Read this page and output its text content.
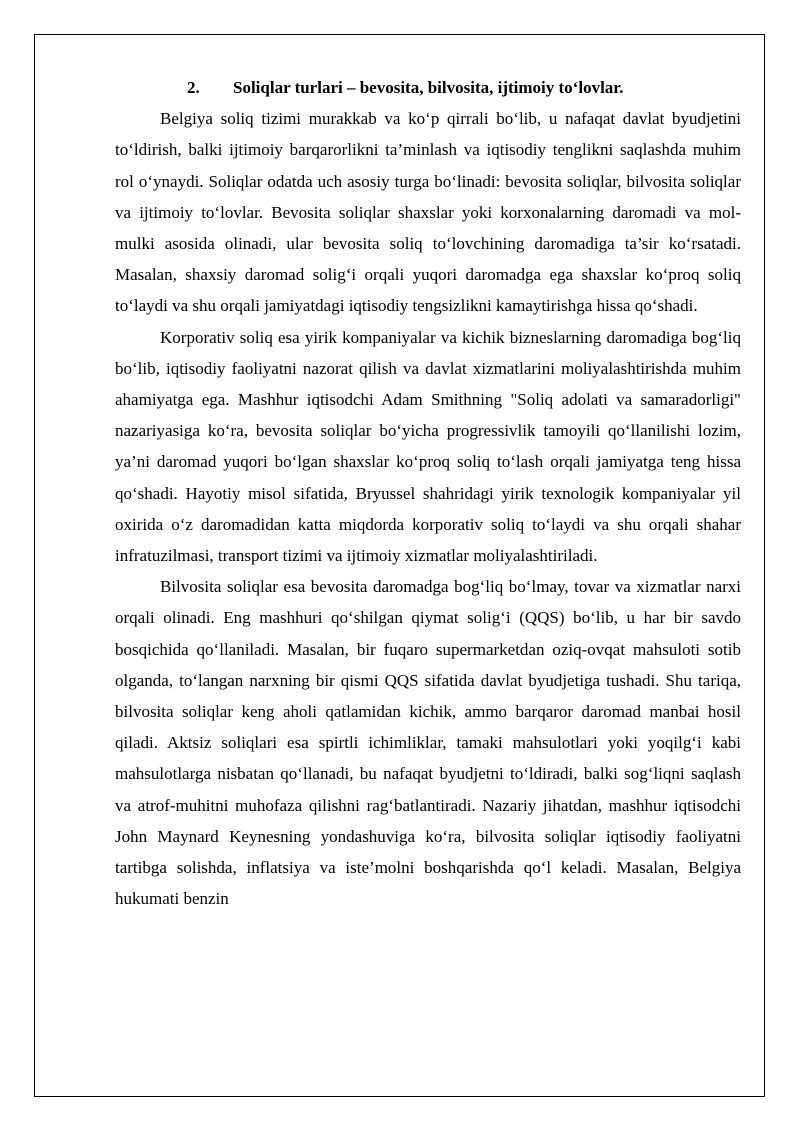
2. Soliqlar turlari – bevosita, bilvosita, ijtimoiy to‘lovlar.

Belgiya soliq tizimi murakkab va ko‘p qirrali bo‘lib, u nafaqat davlat byudjetini to‘ldirish, balki ijtimoiy barqarorlikni ta’minlash va iqtisodiy tenglikni saqlashda muhim rol o‘ynaydi. Soliqlar odatda uch asosiy turga bo‘linadi: bevosita soliqlar, bilvosita soliqlar va ijtimoiy to‘lovlar. Bevosita soliqlar shaxslar yoki korxonalarning daromadi va mol-mulki asosida olinadi, ular bevosita soliq to‘lovchining daromadiga ta’sir ko‘rsatadi. Masalan, shaxsiy daromad solig‘i orqali yuqori daromadga ega shaxslar ko‘proq soliq to‘laydi va shu orqali jamiyatdagi iqtisodiy tengsizlikni kamaytirishga hissa qo‘shadi.

Korporativ soliq esa yirik kompaniyalar va kichik bizneslarning daromadiga bog‘liq bo‘lib, iqtisodiy faoliyatni nazorat qilish va davlat xizmatlarini moliyalashtirishda muhim ahamiyatga ega. Mashhur iqtisodchi Adam Smithning "Soliq adolati va samaradorligi" nazariyasiga ko‘ra, bevosita soliqlar bo‘yicha progressivlik tamoyili qo‘llanilishi lozim, ya’ni daromad yuqori bo‘lgan shaxslar ko‘proq soliq to‘lash orqali jamiyatga teng hissa qo‘shadi. Hayotiy misol sifatida, Bryussel shahridagi yirik texnologik kompaniyalar yil oxirida o‘z daromadidan katta miqdorda korporativ soliq to‘laydi va shu orqali shahar infratuzilmasi, transport tizimi va ijtimoiy xizmatlar moliyalashtiriladi.

Bilvosita soliqlar esa bevosita daromadga bog‘liq bo‘lmay, tovar va xizmatlar narxi orqali olinadi. Eng mashhuri qo‘shilgan qiymat solig‘i (QQS) bo‘lib, u har bir savdo bosqichida qo‘llaniladi. Masalan, bir fuqaro supermarketdan oziq-ovqat mahsuloti sotib olganda, to‘langan narxning bir qismi QQS sifatida davlat byudjetiga tushadi. Shu tariqa, bilvosita soliqlar keng aholi qatlamidan kichik, ammo barqaror daromad manbai hosil qiladi. Aktsiz soliqlari esa spirtli ichimliklar, tamaki mahsulotlari yoki yoqilg‘i kabi mahsulotlarga nisbatan qo‘llanadi, bu nafaqat byudjetni to‘ldiradi, balki sog‘liqni saqlash va atrof-muhitni muhofaza qilishni rag‘batlantiradi. Nazariy jihatdan, mashhur iqtisodchi John Maynard Keynesning yondashuviga ko‘ra, bilvosita soliqlar iqtisodiy faoliyatni tartibga solishda, inflatsiya va iste’molni boshqarishda qo‘l keladi. Masalan, Belgiya hukumati benzin
